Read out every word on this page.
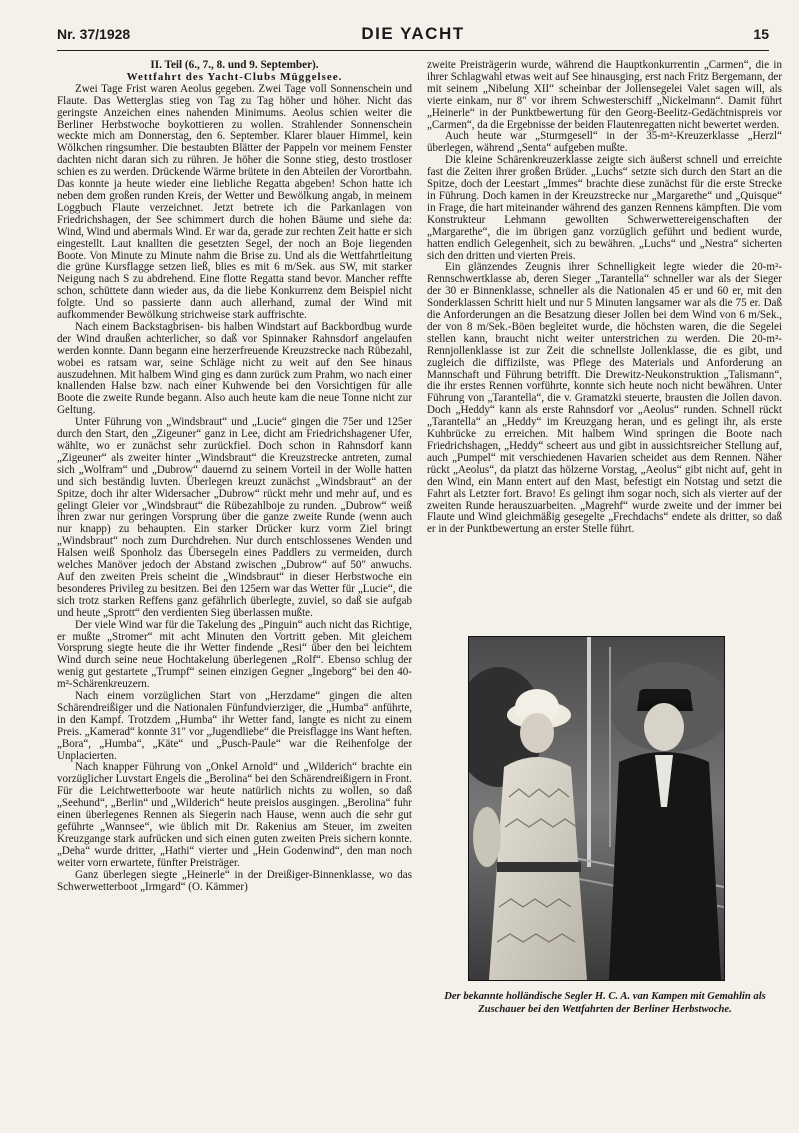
Nr. 37/1928	DIE YACHT	15

II. Teil (6., 7., 8. und 9. September).

Wettfahrt des Yacht-Clubs Müggelsee.

Zwei Tage Frist waren Aeolus gegeben. Zwei Tage voll Sonnenschein und Flaute. Das Wetterglas stieg von Tag zu Tag höher und höher. Nicht das geringste Anzeichen eines nahenden Minimums. Aeolus schien weiter die Berliner Herbstwoche boykottieren zu wollen. Strahlender Sonnenschein weckte mich am Donnerstag, den 6. September. Klarer blauer Himmel, kein Wölkchen ringsumher. Die bestaubten Blätter der Pappeln vor meinem Fenster dachten nicht daran sich zu rühren. Je höher die Sonne stieg, desto trostloser schien es zu werden. Drückende Wärme brütete in den Abteilen der Vorortbahn. Das konnte ja heute wieder eine liebliche Regatta abgeben! Schon hatte ich neben dem großen runden Kreis, der Wetter und Bewölkung angab, in meinem Loggbuch Flaute verzeichnet. Jetzt betrete ich die Parkanlagen von Friedrichshagen, der See schimmert durch die hohen Bäume und siehe da: Wind, Wind und abermals Wind. Er war da, gerade zur rechten Zeit hatte er sich eingestellt. Laut knallten die gesetzten Segel, der noch an Boje liegenden Boote. Von Minute zu Minute nahm die Brise zu. Und als die Wettfahrtleitung die grüne Kursflagge setzen ließ, blies es mit 6 m/Sek. aus SW, mit starker Neigung nach S zu abdrehend. Eine flotte Regatta stand bevor. Mancher reffte schon, schüttete dann wieder aus, da die liebe Konkurrenz dem Beispiel nicht folgte. Und so passierte dann auch allerhand, zumal der Wind mit aufkommender Bewölkung strichweise stark auffrischte.

Nach einem Backstagbrisen- bis halben Windstart auf Backbordbug wurde der Wind draußen achterlicher, so daß vor Spinnaker Rahnsdorf angelaufen werden konnte. Dann begann eine herzerfreuende Kreuzstrecke nach Rübezahl, wobei es ratsam war, seine Schläge nicht zu weit auf den See hinaus auszudehnen. Mit halbem Wind ging es dann zurück zum Prahm, wo nach einer knallenden Halse bzw. nach einer Kuhwende bei den Vorsichtigen für alle Boote die zweite Runde begann. Also auch heute kam die neue Tonne nicht zur Geltung.

Unter Führung von „Windsbraut“ und „Lucie“ gingen die 75er und 125er durch den Start, den „Zigeuner“ ganz in Lee, dicht am Friedrichshagener Ufer, wählte, wo er zunächst sehr zurückfiel. Doch schon in Rahnsdorf kann „Zigeuner“ als zweiter hinter „Windsbraut“ die Kreuzstrecke antreten, zumal sich „Wolfram“ und „Dubrow“ dauernd zu seinem Vorteil in der Wolle hatten und sich beständig luvten. Überlegen kreuzt zunächst „Windsbraut“ an der Spitze, doch ihr alter Widersacher „Dubrow“ rückt mehr und mehr auf, und es gelingt Gleier vor „Windsbraut“ die Rübezahlboje zu runden. „Dubrow“ weiß ihren zwar nur geringen Vorsprung über die ganze zweite Runde (wenn auch nur knapp) zu behaupten. Ein starker Drücker kurz vorm Ziel bringt „Windsbraut“ noch zum Durchdrehen. Nur durch entschlossenes Wenden und Halsen weiß Sponholz das Übersegeln eines Paddlers zu vermeiden, durch welches Manöver jedoch der Abstand zwischen „Dubrow“ auf 50" anwuchs. Auf den zweiten Preis scheint die „Windsbraut“ in dieser Herbstwoche ein besonderes Privileg zu besitzen. Bei den 125ern war das Wetter für „Lucie“, die sich trotz starken Reffens ganz gefährlich überlegte, zuviel, so daß sie aufgab und heute „Sprott“ den verdienten Sieg überlassen mußte.

Der viele Wind war für die Takelung des „Pinguin“ auch nicht das Richtige, er mußte „Stromer“ mit acht Minuten den Vortritt geben. Mit gleichem Vorsprung siegte heute die ihr Wetter findende „Resi“ über den bei leichtem Wind durch seine neue Hochtakelung überlegenen „Rolf“. Ebenso schlug der wenig gut gestartete „Trumpf“ seinen einzigen Gegner „Ingeborg“ bei den 40-m²-Schärenkreuzern.

Nach einem vorzüglichen Start von „Herzdame“ gingen die alten Schärendreißiger und die Nationalen Fünfundvierziger, die „Humba“ anführte, in den Kampf. Trotzdem „Humba“ ihr Wetter fand, langte es nicht zu einem Preis. „Kamerad“ konnte 31" vor „Jugendliebe“ die Preisflagge ins Want heften. „Bora“, „Humba“, „Käte“ und „Pusch-Paule“ war die Reihenfolge der Unplacierten.

Nach knapper Führung von „Onkel Arnold“ und „Wilderich“ brachte ein vorzüglicher Luvstart Engels die „Berolina“ bei den Schärendreißigern in Front. Für die Leichtwetterboote war heute natürlich nichts zu wollen, so daß „Seehund“, „Berlin“ und „Wilderich“ heute preislos ausgingen. „Berolina“ fuhr einen überlegenes Rennen als Siegerin nach Hause, wenn auch die sehr gut geführte „Wannsee“, wie üblich mit Dr. Rakenius am Steuer, im zweiten Kreuzgange stark aufrücken und sich einen guten zweiten Preis sichern konnte. „Deha“ wurde dritter, „Hathi“ vierter und „Hein Godenwind“, den man noch weiter vorn erwartete, fünfter Preisträger.

Ganz überlegen siegte „Heinerle“ in der Dreißiger-Binnenklasse, wo das Schwerwetterboot „Irmgard“ (O. Kämmer)

zweite Preisträgerin wurde, während die Hauptkonkurrentin „Carmen“, die in ihrer Schlagwahl etwas weit auf See hinausging, erst nach Fritz Bergemann, der mit seinem „Nibelung XII“ scheinbar der Jollensegelei Valet sagen will, als vierte einkam, nur 8" vor ihrem Schwesterschiff „Nickelmann“. Damit führt „Heinerle“ in der Punktbewertung für den Georg-Beelitz-Gedächtnispreis vor „Carmen“, da die Ergebnisse der beiden Flautenregatten nicht bewertet werden.

Auch heute war „Sturmgesell“ in der 35-m²-Kreuzerklasse „Herzl“ überlegen, während „Senta“ aufgeben mußte.

Die kleine Schärenkreuzerklasse zeigte sich äußerst schnell und erreichte fast die Zeiten ihrer großen Brüder. „Luchs“ setzte sich durch den Start an die Spitze, doch der Leestart „Immes“ brachte diese zunächst für die erste Strecke in Führung. Doch kamen in der Kreuzstrecke nur „Margarethe“ und „Quisque“ in Frage, die hart miteinander während des ganzen Rennens kämpften. Die vom Konstrukteur Lehmann gewollten Schwerwettereigenschaften der „Margarethe“, die im übrigen ganz vorzüglich geführt und bedient wurde, hatten endlich Gelegenheit, sich zu bewähren. „Luchs“ und „Nestra“ sicherten sich den dritten und vierten Preis.

Ein glänzendes Zeugnis ihrer Schnelligkeit legte wieder die 20-m²-Rennschwertklasse ab, deren Sieger „Tarantella“ schneller war als der Sieger der 30 er Binnenklasse, schneller als die Nationalen 45 er und 60 er, mit den Sonderklassen Schritt hielt und nur 5 Minuten langsamer war als die 75 er. Daß die Anforderungen an die Besatzung dieser Jollen bei dem Wind von 6 m/Sek., der von 8 m/Sek.-Böen begleitet wurde, die höchsten waren, die die Segelei stellen kann, braucht nicht weiter unterstrichen zu werden. Die 20-m²-Rennjollenklasse ist zur Zeit die schnellste Jollenklasse, die es gibt, und zugleich die diffizilste, was Pflege des Materials und Anforderung an Mannschaft und Führung betrifft. Die Drewitz-Neukonstruktion „Talismann“, die ihr erstes Rennen vorführte, konnte sich heute noch nicht bewähren. Unter Führung von „Tarantella“, die v. Gramatzki steuerte, brausten die Jollen davon. Doch „Heddy“ kann als erste Rahnsdorf vor „Aeolus“ runden. Schnell rückt „Tarantella“ an „Heddy“ im Kreuzgang heran, und es gelingt ihr, als erste Kuhbrücke zu erreichen. Mit halbem Wind springen die Boote nach Friedrichshagen, „Heddy“ scheert aus und gibt in aussichtsreicher Stellung auf, auch „Pumpel“ mit verschiedenen Havarien scheidet aus dem Rennen. Näher rückt „Aeolus“, da platzt das hölzerne Vorstag, „Aeolus“ gibt nicht auf, geht in den Wind, ein Mann entert auf den Mast, befestigt ein Notstag und setzt die Fahrt als Letzter fort. Bravo! Es gelingt ihm sogar noch, sich als vierter auf der zweiten Runde herauszuarbeiten. „Magrehf“ wurde zweite und der immer bei Flaute und Wind gleichmäßig gesegelte „Frechdachs“ endete als dritter, so daß er in der Punktbewertung an erster Stelle führt.

Der bekannte holländische Segler H. C. A. van Kampen mit Gemahlin als Zuschauer bei den Wettfahrten der Berliner Herbstwoche.
